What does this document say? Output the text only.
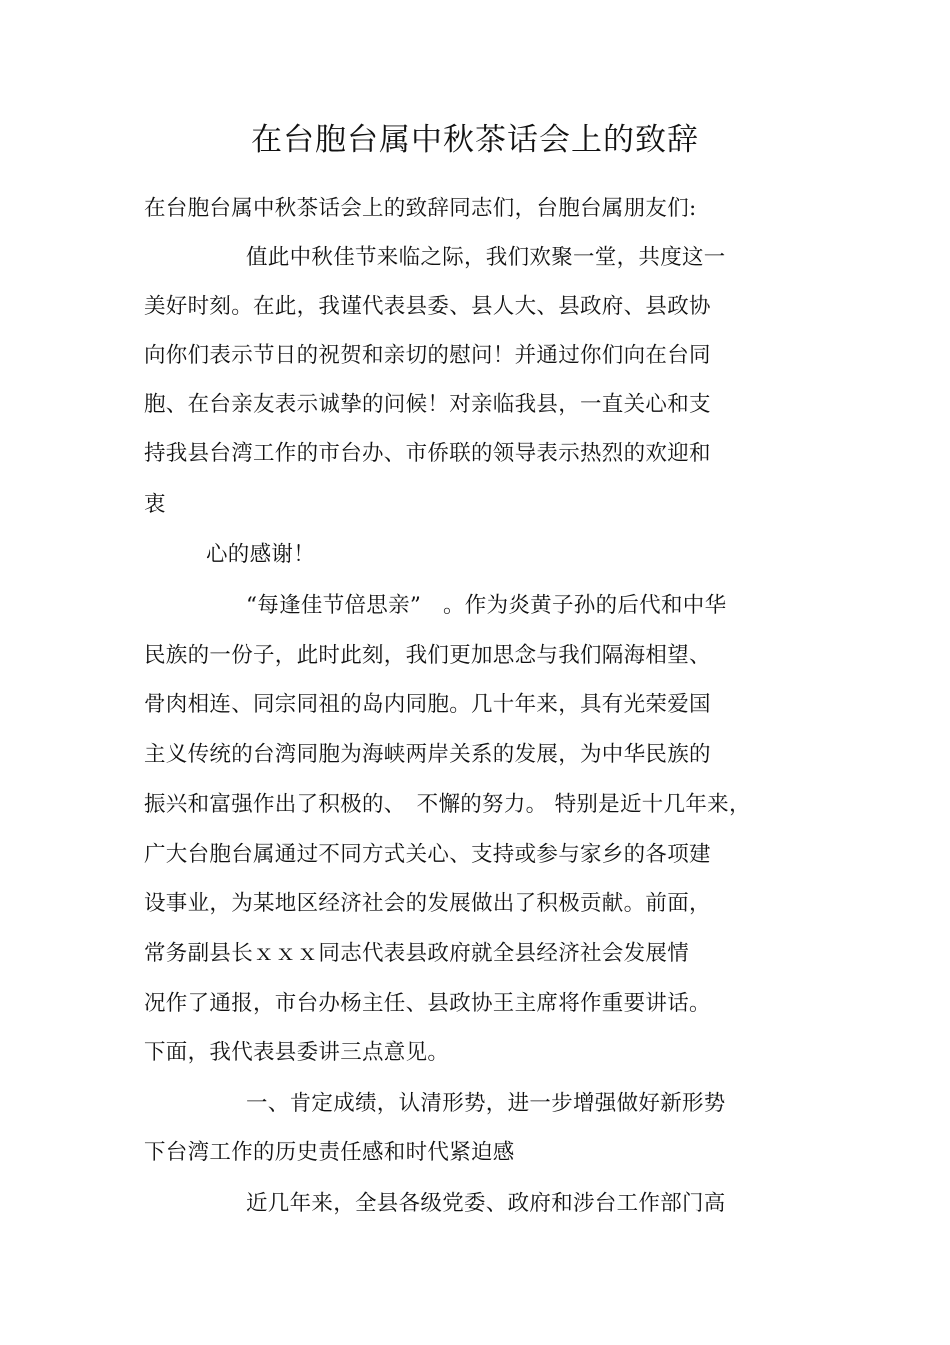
在台胞台属中秋茶话会上的致辞
在台胞台属中秋茶话会上的致辞同志们，台胞台属朋友们:
值此中秋佳节来临之际，我们欢聚一堂，共度这一
美好时刻。在此，我谨代表县委、县人大、县政府、县政协
向你们表示节日的祝贺和亲切的慰问！并通过你们向在台同
胞、在台亲友表示诚挚的问候！对亲临我县，一直关心和支
持我县台湾工作的市台办、市侨联的领导表示热烈的欢迎和
衷
心的感谢！
“每逢佳节倍思亲”　。作为炎黄子孙的后代和中华
民族的一份子，此时此刻，我们更加思念与我们隔海相望、
骨肉相连、同宗同祖的岛内同胞。几十年来，具有光荣爱国
主义传统的台湾同胞为海峡两岸关系的发展，为中华民族的
振兴和富强作出了积极的、　不懈的努力。 特别是近十几年来，
广大台胞台属通过不同方式关心、支持或参与家乡的各项建
设事业，为某地区经济社会的发展做出了积极贡献。前面，
常务副县长ｘｘｘ同志代表县政府就全县经济社会发展情
况作了通报，市台办杨主任、县政协王主席将作重要讲话。
下面，我代表县委讲三点意见。
一、肯定成绩，认清形势，进一步增强做好新形势
下台湾工作的历史责任感和时代紧迫感
近几年来，全县各级党委、政府和涉台工作部门高
